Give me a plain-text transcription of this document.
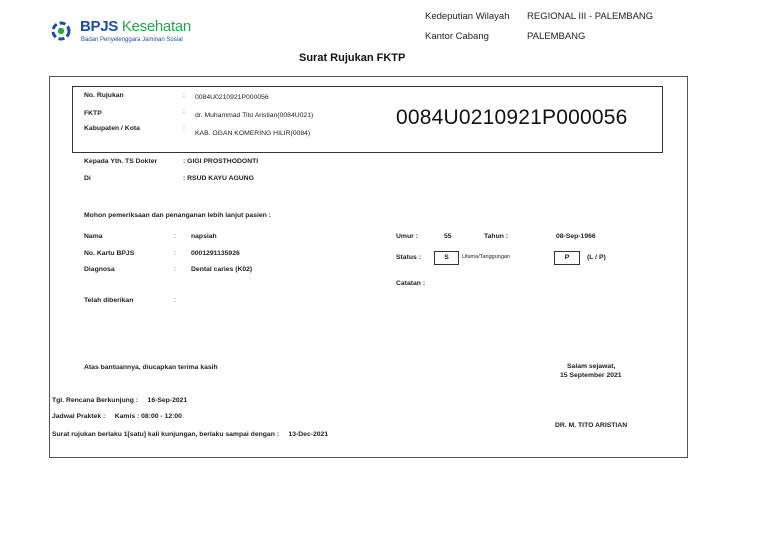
BPJS Kesehatan
Badan Penyelenggara Jaminan Sosial
Kedeputian Wilayah REGIONAL III - PALEMBANG
Kantor Cabang	PALEMBANG
Surat Rujukan FKTP
No. Rujukan	: 0084U0210921P000056
FKTP	:
dr. Muhammad Tito Aristian(0084U021)
Kabupaten / Kota	:
KAB. OGAN KOMERING HILIR(0084)
0084U0210921P000056
Kepada Yth. TS Dokter	: GIGI PROSTHODONTI
Di	: RSUD KAYU AGUNG
Mohon pemeriksaan dan penanganan lebih lanjut pasien :
Nama	: napsiah
No. Kartu BPJS	: 0001291135926
Diagnosa	: Dental caries (K02)
Telah diberikan	:
Umur :	55	Tahun :	08-Sep-1966
Status :	S	Utama/Tanggungan	P	(L / P)
Catatan :
Atas bantuannya, diucapkan terima kasih	Salam sejawat,
15 September 2021
DR. M. TITO ARISTIAN
Tgl. Rencana Berkunjung :     16-Sep-2021
Jadwal Praktek :     Kamis : 08:00 - 12:00
Surat rujukan berlaku 1[satu] kali kunjungan, berlaku sampai dengan :     13-Dec-2021
